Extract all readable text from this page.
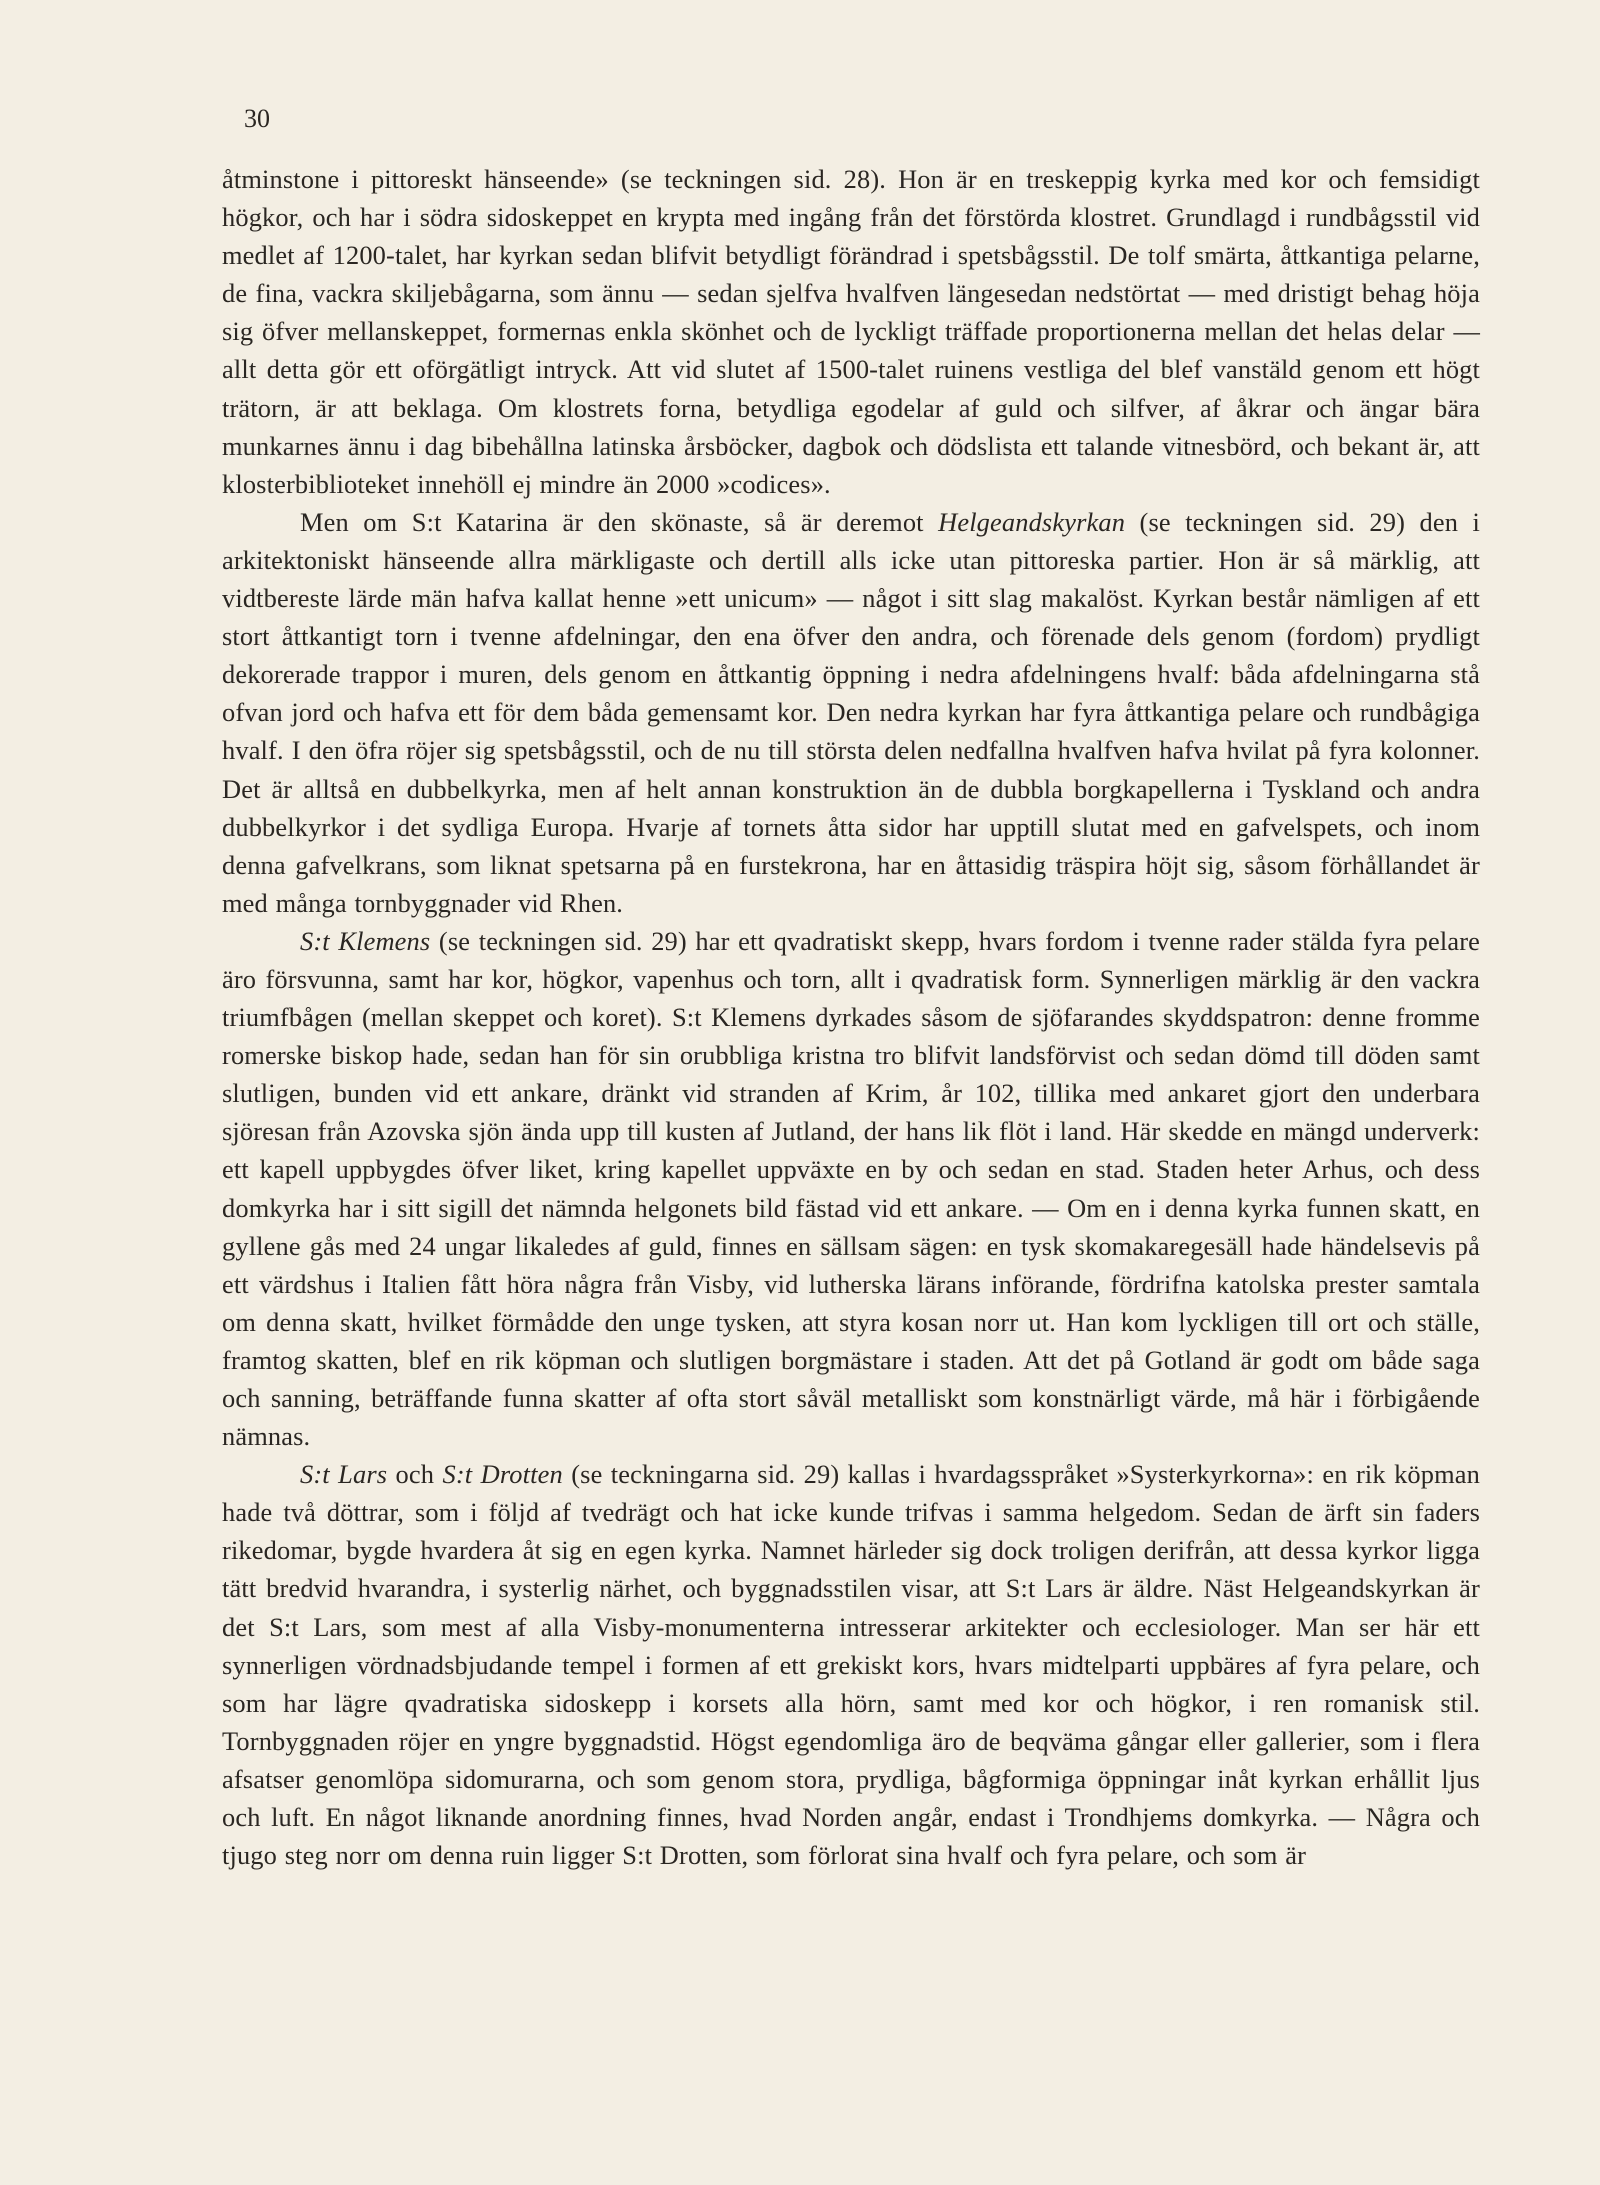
30

åtminstone i pittoreskt hänseende» (se teckningen sid. 28). Hon är en treskeppig kyrka med kor och femsidigt högkor, och har i södra sidoskeppet en krypta med ingång från det förstörda klostret. Grundlagd i rundbågsstil vid medlet af 1200-talet, har kyrkan sedan blifvit betydligt förändrad i spetsbågsstil. De tolf smärta, åttkantiga pelarne, de fina, vackra skiljebågarna, som ännu — sedan sjelfva hvalfven längesedan nedstörtat — med dristigt behag höja sig öfver mellanskeppet, formernas enkla skönhet och de lyckligt träffade proportionerna mellan det helas delar — allt detta gör ett oförgätligt intryck. Att vid slutet af 1500-talet ruinens vestliga del blef vanstäld genom ett högt trätorn, är att beklaga. Om klostrets forna, betydliga egodelar af guld och silfver, af åkrar och ängar bära munkarnes ännu i dag bibehållna latinska årsböcker, dagbok och dödslista ett talande vitnesbörd, och bekant är, att klosterbiblioteket innehöll ej mindre än 2000 »codices».

Men om S:t Katarina är den skönaste, så är deremot Helgeandskyrkan (se teckningen sid. 29) den i arkitektoniskt hänseende allra märkligaste och dertill alls icke utan pittoreska partier. Hon är så märklig, att vidtbereste lärde män hafva kallat henne »ett unicum» — något i sitt slag makalöst. Kyrkan består nämligen af ett stort åttkantigt torn i tvenne afdelningar, den ena öfver den andra, och förenade dels genom (fordom) prydligt dekorerade trappor i muren, dels genom en åttkantig öppning i nedra afdelningens hvalf: båda afdelningarna stå ofvan jord och hafva ett för dem båda gemensamt kor. Den nedra kyrkan har fyra åttkantiga pelare och rundbågiga hvalf. I den öfra röjer sig spetsbågsstil, och de nu till största delen nedfallna hvalfven hafva hvilat på fyra kolonner. Det är alltså en dubbelkyrka, men af helt annan konstruktion än de dubbla borgkapellerna i Tyskland och andra dubbelkyrkor i det sydliga Europa. Hvarje af tornets åtta sidor har upptill slutat med en gafvelspets, och inom denna gafvelkrans, som liknat spetsarna på en furstekrona, har en åttasidig träspira höjt sig, såsom förhållandet är med många tornbyggnader vid Rhen.

S:t Klemens (se teckningen sid. 29) har ett qvadratiskt skepp, hvars fordom i tvenne rader stälda fyra pelare äro försvunna, samt har kor, högkor, vapenhus och torn, allt i qvadratisk form. Synnerligen märklig är den vackra triumfbågen (mellan skeppet och koret). S:t Klemens dyrkades såsom de sjöfarandes skyddspatron: denne fromme romerske biskop hade, sedan han för sin orubbliga kristna tro blifvit landsförvist och sedan dömd till döden samt slutligen, bunden vid ett ankare, dränkt vid stranden af Krim, år 102, tillika med ankaret gjort den underbara sjöresan från Azovska sjön ända upp till kusten af Jutland, der hans lik flöt i land. Här skedde en mängd underverk: ett kapell uppbygdes öfver liket, kring kapellet uppväxte en by och sedan en stad. Staden heter Arhus, och dess domkyrka har i sitt sigill det nämnda helgonets bild fästad vid ett ankare. — Om en i denna kyrka funnen skatt, en gyllene gås med 24 ungar likaledes af guld, finnes en sällsam sägen: en tysk skomakaregesäll hade händelsevis på ett värdshus i Italien fått höra några från Visby, vid lutherska lärans införande, fördrifna katolska prester samtala om denna skatt, hvilket förmådde den unge tysken, att styra kosan norr ut. Han kom lyckligen till ort och ställe, framtog skatten, blef en rik köpman och slutligen borgmästare i staden. Att det på Gotland är godt om både saga och sanning, beträffande funna skatter af ofta stort såväl metalliskt som konstnärligt värde, må här i förbigående nämnas.

S:t Lars och S:t Drotten (se teckningarna sid. 29) kallas i hvardagsspråket »Systerkyrkorna»: en rik köpman hade två döttrar, som i följd af tvedrägt och hat icke kunde trifvas i samma helgedom. Sedan de ärft sin faders rikedomar, bygde hvardera åt sig en egen kyrka. Namnet härleder sig dock troligen derifrån, att dessa kyrkor ligga tätt bredvid hvarandra, i systerlig närhet, och byggnadsstilen visar, att S:t Lars är äldre. Näst Helgeandskyrkan är det S:t Lars, som mest af alla Visby-monumenterna intresserar arkitekter och ecclesiologer. Man ser här ett synnerligen vördnadsbjudande tempel i formen af ett grekiskt kors, hvars midtelparti uppbäres af fyra pelare, och som har lägre qvadratiska sidoskepp i korsets alla hörn, samt med kor och högkor, i ren romanisk stil. Tornbyggnaden röjer en yngre byggnadstid. Högst egendomliga äro de beqväma gångar eller gallerier, som i flera afsatser genomlöpa sidomurarna, och som genom stora, prydliga, bågformiga öppningar inåt kyrkan erhållit ljus och luft. En något liknande anordning finnes, hvad Norden angår, endast i Trondhjems domkyrka. — Några och tjugo steg norr om denna ruin ligger S:t Drotten, som förlorat sina hvalf och fyra pelare, och som är
